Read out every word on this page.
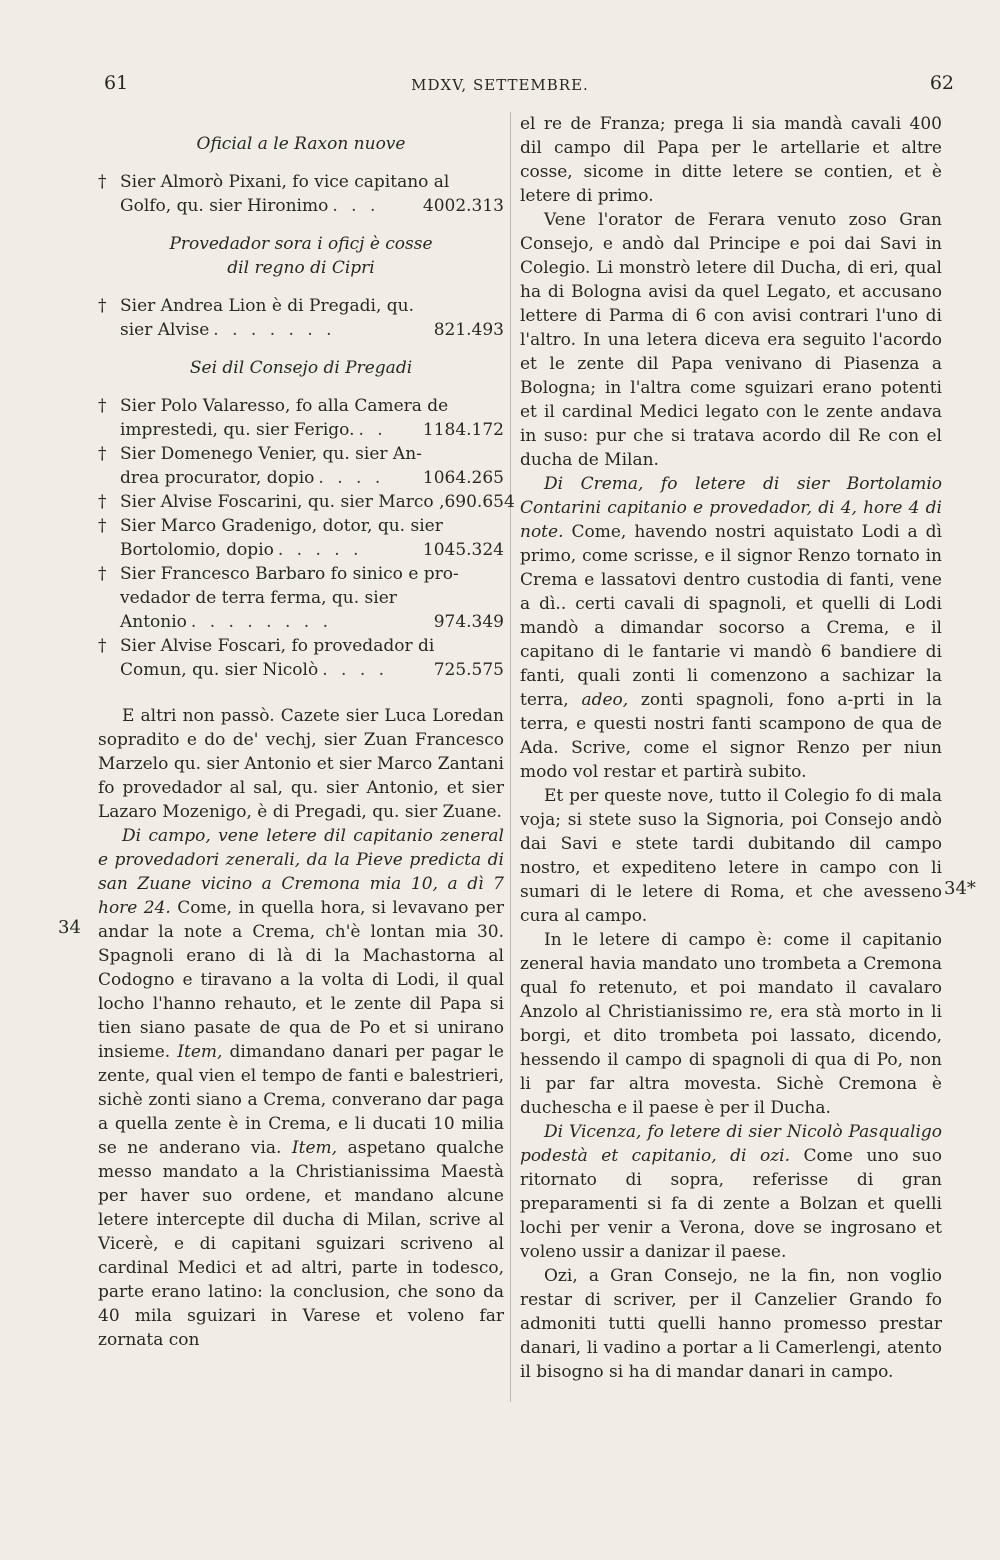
61	MDXV, SETTEMBRE.	62

Oficial a le Raxon nuove

† Sier Almorò Pixani, fo vice capitano al
Golfo, qu. sier Hironimo . . .	4002.313

Provedador sora i oficj è cosse

dil regno di Cipri

† Sier Andrea Lion è di Pregadi, qu.
sier Alvise . . . . . . .	821.493

Sei dil Consejo di Pregadi

† Sier Polo Valaresso, fo alla Camera de
imprestedi, qu. sier Ferigo. . .	1184.172
† Sier Domenego Venier, qu. sier An-
drea procurator, dopio . . . .	1064.265
† Sier Alvise Foscarini, qu. sier Marco , 690.654
† Sier Marco Gradenigo, dotor, qu. sier
Bortolomio, dopio . . . . .	1045.324
† Sier Francesco Barbaro fo sinico e pro-
vedador de terra ferma, qu. sier
Antonio . . . . . . . .	974.349
† Sier Alvise Foscari, fo provedador di
Comun, qu. sier Nicolò . . . .	725.575

E altri non passò. Cazete sier Luca Loredan sopradito e do de' vechj, sier Zuan Francesco Marzelo qu. sier Antonio et sier Marco Zantani fo provedador al sal, qu. sier Antonio, et sier Lazaro Mozenigo, è di Pregadi, qu. sier Zuane.

Di campo, vene letere dil capitanio zeneral e provedadori zenerali, da la Pieve predicta di san Zuane vicino a Cremona mia 10, a dì 7 hore 24. Come, in quella hora, si levavano per andar la note a Crema, ch'è lontan mia 30. Spagnoli erano di là di la Machastorna al Codogno e tiravano a la volta di Lodi, il qual locho l'hanno rehauto, et le zente dil Papa si tien siano pasate de qua de Po et si unirano insieme. Item, dimandano danari per pagar le zente, qual vien el tempo de fanti e balestrieri, sichè zonti siano a Crema, converano dar paga a quella zente è in Crema, e li ducati 10 milia se ne anderano via. Item, aspetano qualche messo mandato a la Christianissima Maestà per haver suo ordene, et mandano alcune letere intercepte dil ducha di Milan, scrive al Vicerè, e di capitani sguizari scriveno al cardinal Medici et ad altri, parte in todesco, parte erano latino: la conclusion, che sono da 40 mila sguizari in Varese et voleno far zornata con

34

el re de Franza; prega li sia mandà cavali 400 dil campo dil Papa per le artellarie et altre cosse, sicome in ditte letere se contien, et è letere di primo.

Vene l'orator de Ferara venuto zoso Gran Consejo, e andò dal Principe e poi dai Savi in Colegio. Li monstrò letere dil Ducha, di eri, qual ha di Bologna avisi da quel Legato, et accusano lettere di Parma di 6 con avisi contrari l'uno di l'altro. In una letera diceva era seguito l'acordo et le zente dil Papa venivano di Piasenza a Bologna; in l'altra come sguizari erano potenti et il cardinal Medici legato con le zente andava in suso: pur che si tratava acordo dil Re con el ducha de Milan.

Di Crema, fo letere di sier Bortolamio Contarini capitanio e provedador, di 4, hore 4 di note. Come, havendo nostri aquistato Lodi a dì primo, come scrisse, e il signor Renzo tornato in Crema e lassatovi dentro custodia di fanti, vene a dì.. certi cavali di spagnoli, et quelli di Lodi mandò a dimandar socorso a Crema, e il capitano di le fantarie vi mandò 6 bandiere di fanti, quali zonti li comenzono a sachizar la terra, adeo, zonti spagnoli, fono a-prti in la terra, e questi nostri fanti scampono de qua de Ada. Scrive, come el signor Renzo per niun modo vol restar et partirà subito.

Et per queste nove, tutto il Colegio fo di mala voja; si stete suso la Signoria, poi Consejo andò dai Savi e stete tardi dubitando dil campo nostro, et expediteno letere in campo con li sumari di le letere di Roma, et che avesseno cura al campo.

In le letere di campo è: come il capitanio zeneral havia mandato uno trombeta a Cremona qual fo retenuto, et poi mandato il cavalaro Anzolo al Christianissimo re, era stà morto in li borgi, et dito trombeta poi lassato, dicendo, hessendo il campo di spagnoli di qua di Po, non li par far altra movesta. Sichè Cremona è duchescha e il paese è per il Ducha.

Di Vicenza, fo letere di sier Nicolò Pasqualigo podestà et capitanio, di ozi. Come uno suo ritornato di sopra, referisse di gran preparamenti si fa di zente a Bolzan et quelli lochi per venir a Verona, dove se ingrosano et voleno ussir a danizar il paese.

Ozi, a Gran Consejo, ne la fin, non voglio restar di scriver, per il Canzelier Grando fo admoniti tutti quelli hanno promesso prestar danari, li vadino a portar a li Camerlengi, atento il bisogno si ha di mandar danari in campo.

34*
